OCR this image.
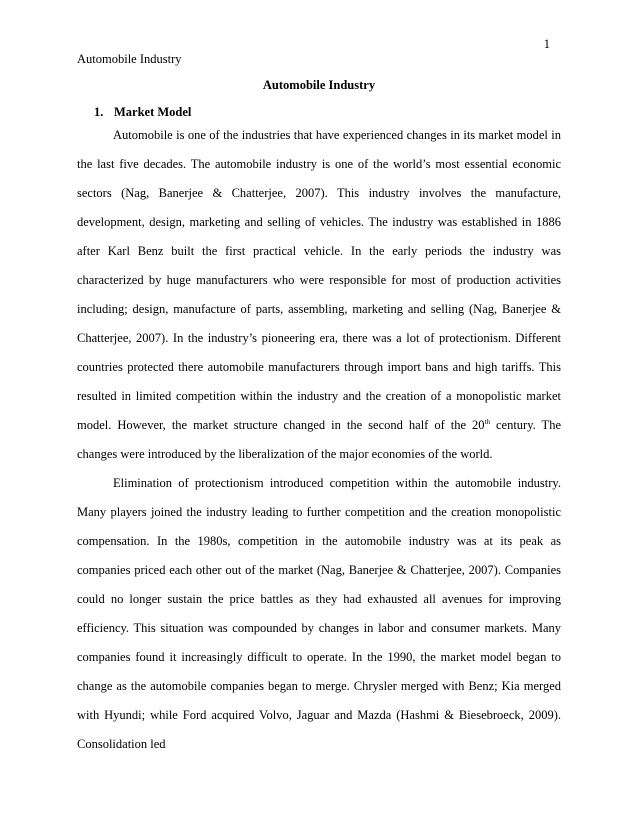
1
Automobile Industry
Automobile Industry
1. Market Model

Automobile is one of the industries that have experienced changes in its market model in the last five decades. The automobile industry is one of the world’s most essential economic sectors (Nag, Banerjee & Chatterjee, 2007). This industry involves the manufacture, development, design, marketing and selling of vehicles. The industry was established in 1886 after Karl Benz built the first practical vehicle. In the early periods the industry was characterized by huge manufacturers who were responsible for most of production activities including; design, manufacture of parts, assembling, marketing and selling (Nag, Banerjee & Chatterjee, 2007). In the industry’s pioneering era, there was a lot of protectionism. Different countries protected there automobile manufacturers through import bans and high tariffs. This resulted in limited competition within the industry and the creation of a monopolistic market model. However, the market structure changed in the second half of the 20th century. The changes were introduced by the liberalization of the major economies of the world.

Elimination of protectionism introduced competition within the automobile industry. Many players joined the industry leading to further competition and the creation monopolistic compensation. In the 1980s, competition in the automobile industry was at its peak as companies priced each other out of the market (Nag, Banerjee & Chatterjee, 2007). Companies could no longer sustain the price battles as they had exhausted all avenues for improving efficiency. This situation was compounded by changes in labor and consumer markets. Many companies found it increasingly difficult to operate. In the 1990, the market model began to change as the automobile companies began to merge. Chrysler merged with Benz; Kia merged with Hyundi; while Ford acquired Volvo, Jaguar and Mazda (Hashmi & Biesebroeck, 2009). Consolidation led
